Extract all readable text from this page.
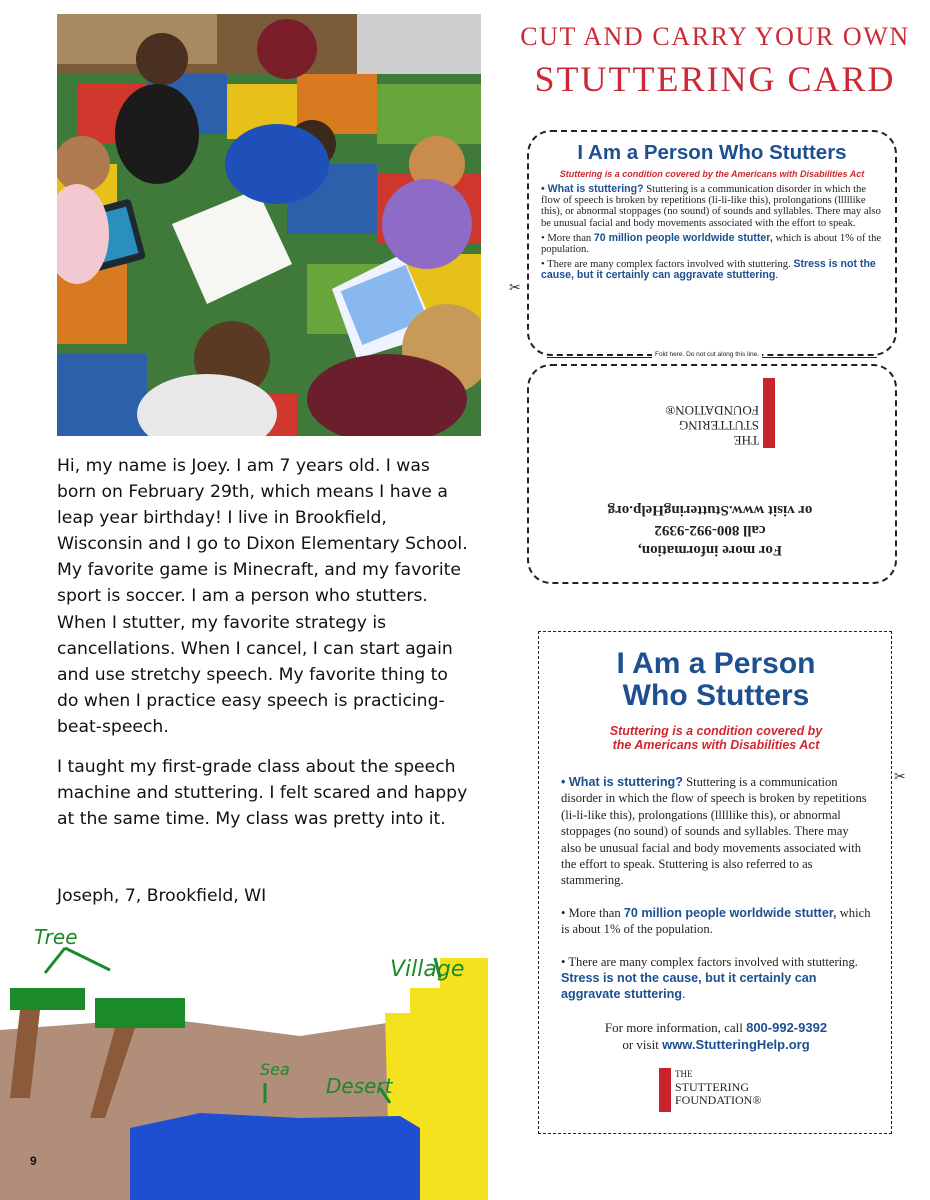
Hi, my name is Joey. I am 7 years old. I was born on February 29th, which means I have a leap year birthday! I live in Brookfield, Wisconsin and I go to Dixon Elementary School. My favorite game is Minecraft, and my favorite sport is soccer. I am a person who stutters. When I stutter, my favorite strategy is cancellations. When I cancel, I can start again and use stretchy speech. My favorite thing to do when I practice easy speech is practicing-beat-speech.

I taught my first-grade class about the speech machine and stuttering. I felt scared and happy at the same time. My class was pretty into it.

Joseph, 7, Brookfield, WI
Tree
Village
Sea
Desert
9
CUT AND CARRY YOUR OWN
STUTTERING CARD
I Am a Person Who Stutters
Stuttering is a condition covered by the Americans with Disabilities Act

• What is stuttering? Stuttering is a communication disorder in which the flow of speech is broken by repetitions (li-li-like this), prolongations (lllllike this), or abnormal stoppages (no sound) of sounds and syllables. There may also be unusual facial and body movements associated with the effort to speak.

• More than 70 million people worldwide stutter, which is about 1% of the population.

• There are many complex factors involved with stuttering. Stress is not the cause, but it certainly can aggravate stuttering.

Fold here. Do not cut along this line.
✂
For more information,
call 800-992-9392
or visit www.StutteringHelp.org
THE
STUTTERING
FOUNDATION®
I Am a Person
Who Stutters
Stuttering is a condition covered by
the Americans with Disabilities Act

• What is stuttering? Stuttering is a communication disorder in which the flow of speech is broken by repetitions (li-li-like this), prolongations (lllllike this), or abnormal stoppages (no sound) of sounds and syllables. There may also be unusual facial and body movements associated with the effort to speak. Stuttering is also referred to as stammering.

• More than 70 million people worldwide stutter, which is about 1% of the population.

• There are many complex factors involved with stuttering. Stress is not the cause, but it certainly can aggravate stuttering.

For more information, call 800-992-9392
or visit www.StutteringHelp.org
THE
STUTTERING
FOUNDATION®
✂
